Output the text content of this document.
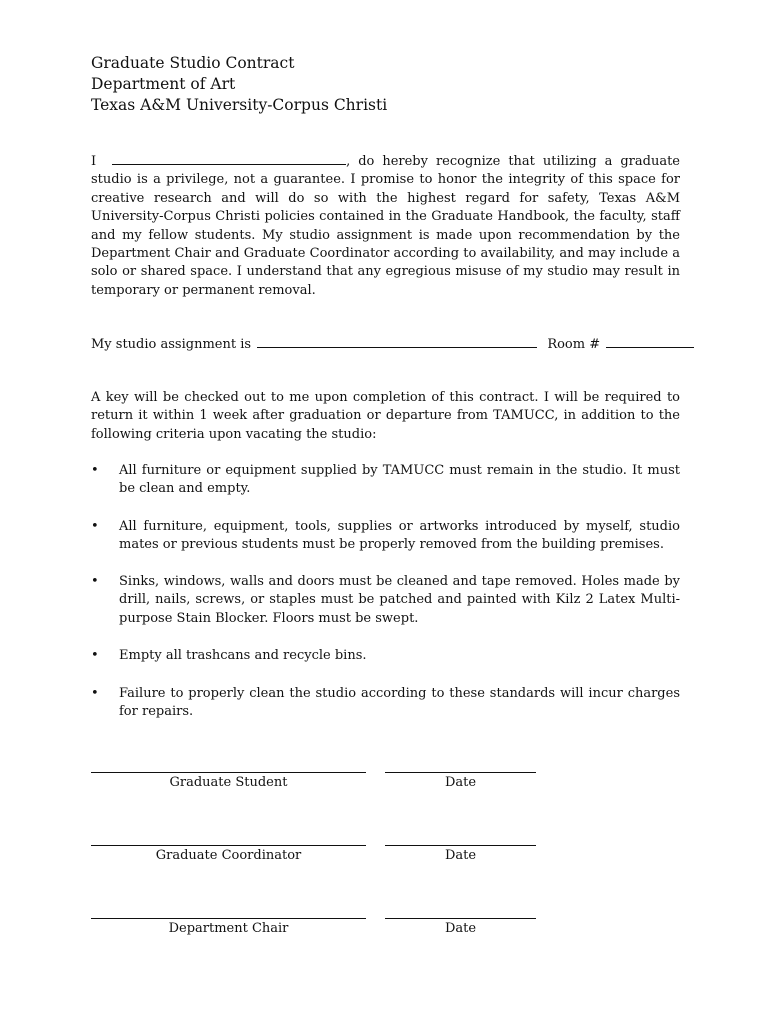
Graduate Studio Contract
Department of Art
Texas A&M University-Corpus Christi
I	, do hereby recognize that utilizing a graduate studio is a privilege, not a guarantee. I promise to honor the integrity of this space for creative research and will do so with the highest regard for safety, Texas A&M University-Corpus Christi policies contained in the Graduate Handbook, the faculty, staff and my fellow students. My studio assignment is made upon recommendation by the Department Chair and Graduate Coordinator according to availability, and may include a solo or shared space. I understand that any egregious misuse of my studio may result in temporary or permanent removal.
My studio assignment is	Room #
A key will be checked out to me upon completion of this contract. I will be required to return it within 1 week after graduation or departure from TAMUCC, in addition to the following criteria upon vacating the studio:
• All furniture or equipment supplied by TAMUCC must remain in the studio. It must be clean and empty.
• All furniture, equipment, tools, supplies or artworks introduced by myself, studio mates or previous students must be properly removed from the building premises.
• Sinks, windows, walls and doors must be cleaned and tape removed. Holes made by drill, nails, screws, or staples must be patched and painted with Kilz 2 Latex Multi-purpose Stain Blocker. Floors must be swept.
• Empty all trashcans and recycle bins.
• Failure to properly clean the studio according to these standards will incur charges for repairs.
Graduate Student	Date
Graduate Coordinator	Date
Department Chair	Date
